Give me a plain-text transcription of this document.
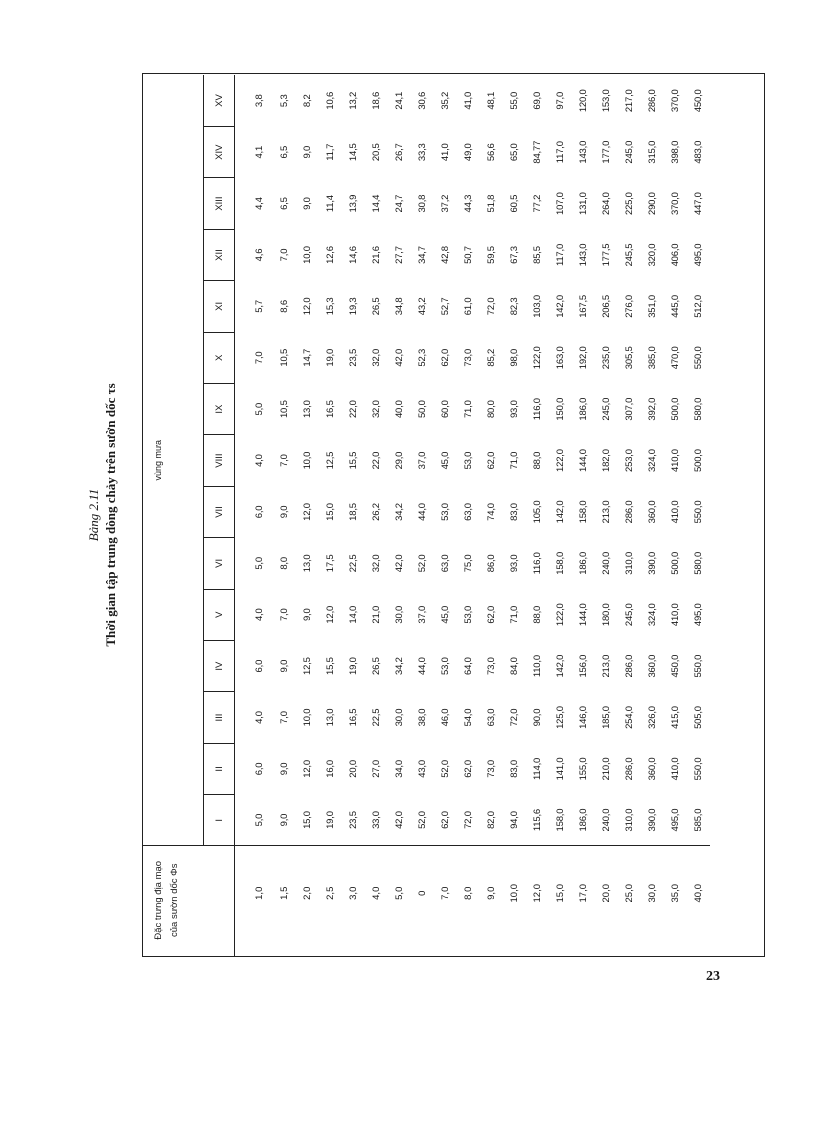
Bảng 2.11 Thời gian tập trung dòng chảy trên sườn dốc τs
Đặc trưng địa mạo của sườn dốc Φs	vùng mưa														
	I	II	III	IV	V	VI	VII	VIII	IX	X	XI	XII	XIII	XIV	XV
1,0	5,0	6,0	4,0	6,0	4,0	5,0	6,0	4,0	5,0	7,0	5,7	4,6	4,4	4,1	3,8
1,5	9,0	9,0	7,0	9,0	7,0	8,0	9,0	7,0	10,5	10,5	8,6	7,0	6,5	6,5	5,3
2,0	15,0	12,0	10,0	12,5	9,0	13,0	12,0	10,0	13,0	14,7	12,0	10,0	9,0	9,0	8,2
2,5	19,0	16,0	13,0	15,5	12,0	17,5	15,0	12,5	16,5	19,0	15,3	12,6	11,4	11,7	10,6
3,0	23,5	20,0	16,5	19,0	14,0	22,5	18,5	15,5	22,0	23,5	19,3	14,6	13,9	14,5	13,2
4,0	33,0	27,0	22,5	26,5	21,0	32,0	26,2	22,0	32,0	32,0	26,5	21,6	14,4	20,5	18,6
5,0	42,0	34,0	30,0	34,2	30,0	42,0	34,2	29,0	40,0	42,0	34,8	27,7	24,7	26,7	24,1
0	52,0	43,0	38,0	44,0	37,0	52,0	44,0	37,0	50,0	52,3	43,2	34,7	30,8	33,3	30,6
7,0	62,0	52,0	46,0	53,0	45,0	63,0	53,0	45,0	60,0	62,0	52,7	42,8	37,2	41,0	35,2
8,0	72,0	62,0	54,0	64,0	53,0	75,0	63,0	53,0	71,0	73,0	61,0	50,7	44,3	49,0	41,0
9,0	82,0	73,0	63,0	73,0	62,0	86,0	74,0	62,0	80,0	85,2	72,0	59,5	51,8	56,6	48,1
10,0	94,0	83,0	72,0	84,0	71,0	93,0	83,0	71,0	93,0	98,0	82,3	67,3	60,5	65,0	55,0
12,0	115,6	114,0	90,0	110,0	88,0	116,0	105,0	88,0	116,0	122,0	103,0	85,5	77,2	84,77	69,0
15,0	158,0	141,0	125,0	142,0	122,0	158,0	142,0	122,0	150,0	163,0	142,0	117,0	107,0	117,0	97,0
17,0	186,0	155,0	146,0	156,0	144,0	186,0	158,0	144,0	186,0	192,0	167,5	143,0	131,0	143,0	120,0
20,0	240,0	210,0	185,0	213,0	180,0	240,0	213,0	182,0	245,0	235,0	206,5	177,5	264,0	177,0	153,0
25,0	310,0	286,0	254,0	286,0	245,0	310,0	286,0	253,0	307,0	305,5	276,0	245,5	225,0	245,0	217,0
30,0	390,0	360,0	326,0	360,0	324,0	390,0	360,0	324,0	392,0	385,0	351,0	320,0	290,0	315,0	286,0
35,0	495,0	410,0	415,0	450,0	410,0	500,0	410,0	410,0	500,0	470,0	445,0	406,0	370,0	398,0	370,0
40,0	585,0	550,0	505,0	550,0	495,0	580,0	550,0	500,0	580,0	550,0	512,0	495,0	447,0	483,0	450,0
23
